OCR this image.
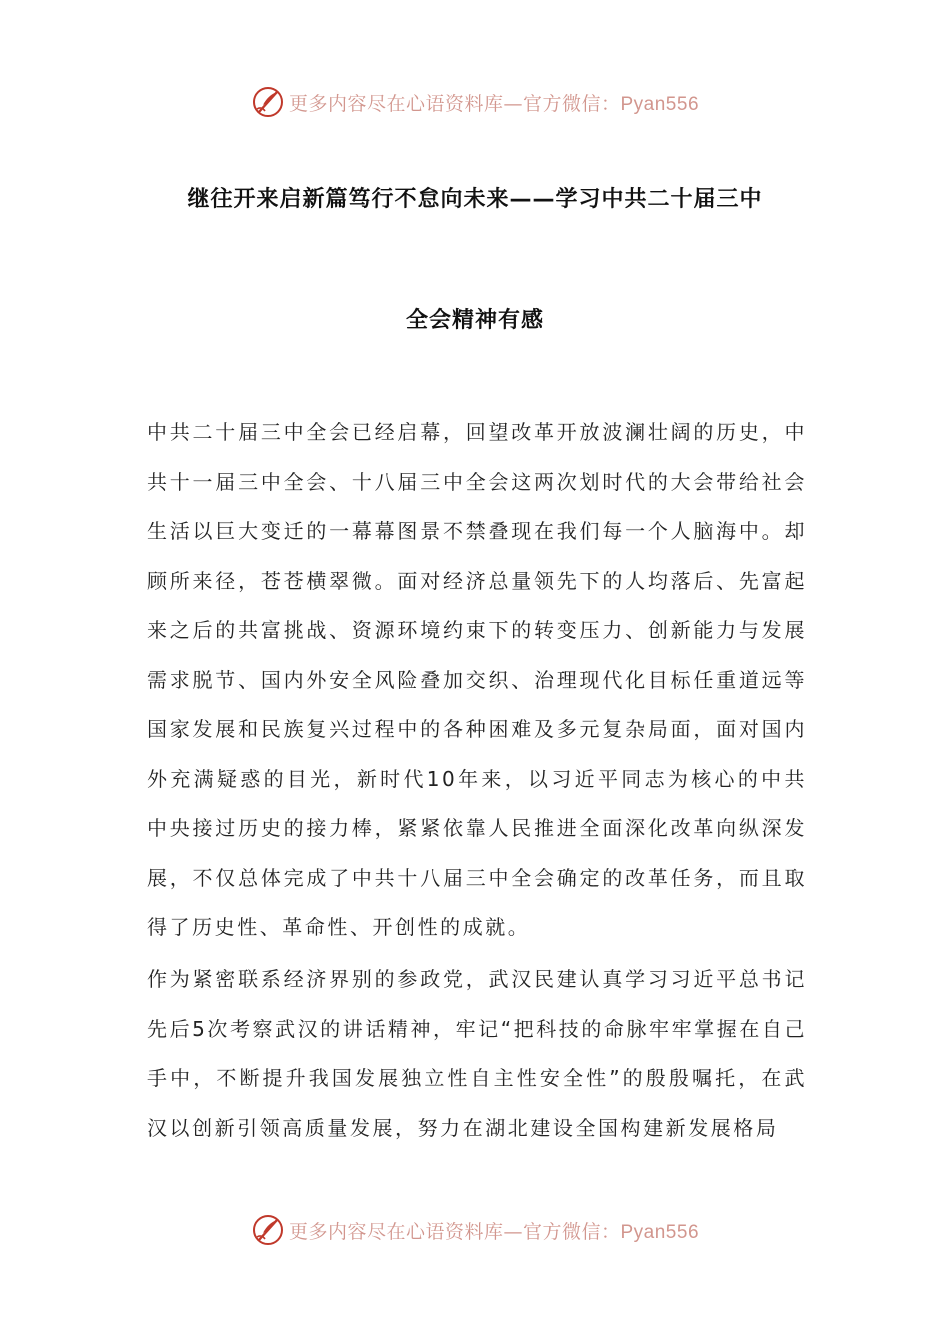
更多内容尽在心语资料库—官方微信：Pyan556
继往开来启新篇笃行不怠向未来——学习中共二十届三中
全会精神有感

中共二十届三中全会已经启幕，回望改革开放波澜壮阔的历史，中共十一届三中全会、十八届三中全会这两次划时代的大会带给社会生活以巨大变迁的一幕幕图景不禁叠现在我们每一个人脑海中。却顾所来径，苍苍横翠微。面对经济总量领先下的人均落后、先富起来之后的共富挑战、资源环境约束下的转变压力、创新能力与发展需求脱节、国内外安全风险叠加交织、治理现代化目标任重道远等国家发展和民族复兴过程中的各种困难及多元复杂局面，面对国内外充满疑惑的目光，新时代10年来，以习近平同志为核心的中共中央接过历史的接力棒，紧紧依靠人民推进全面深化改革向纵深发展，不仅总体完成了中共十八届三中全会确定的改革任务，而且取得了历史性、革命性、开创性的成就。

作为紧密联系经济界别的参政党，武汉民建认真学习习近平总书记先后5次考察武汉的讲话精神，牢记“把科技的命脉牢牢掌握在自己手中，不断提升我国发展独立性自主性安全性”的殷殷嘱托，在武汉以创新引领高质量发展，努力在湖北建设全国构建新发展格局

更多内容尽在心语资料库—官方微信：Pyan556
